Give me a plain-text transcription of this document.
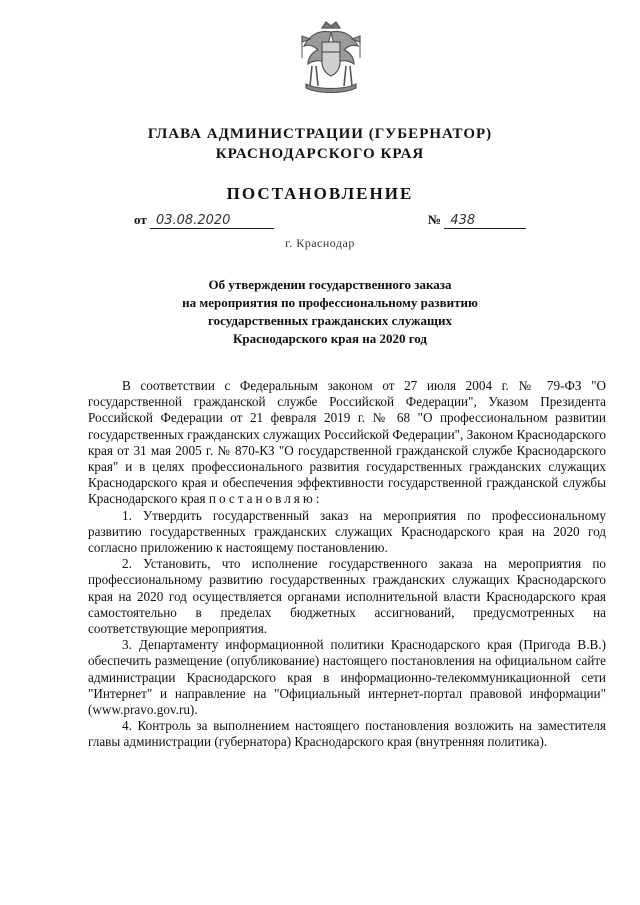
ГЛАВА АДМИНИСТРАЦИИ (ГУБЕРНАТОР)
КРАСНОДАРСКОГО КРАЯ
ПОСТАНОВЛЕНИЕ
от 03.08.2020	№ 438
г. Краснодар
Об утверждении государственного заказа
на мероприятия по профессиональному развитию
государственных гражданских служащих
Краснодарского края на 2020 год

В соответствии с Федеральным законом от 27 июля 2004 г. № 79-ФЗ "О государственной гражданской службе Российской Федерации", Указом Президента Российской Федерации от 21 февраля 2019 г. № 68 "О профессиональном развитии государственных гражданских служащих Российской Федерации", Законом Краснодарского края от 31 мая 2005 г. № 870-КЗ "О государственной гражданской службе Краснодарского края" и в целях профессионального развития государственных гражданских служащих Краснодарского края и обеспечения эффективности государственной гражданской службы Краснодарского края постановляю:

1. Утвердить государственный заказ на мероприятия по профессиональному развитию государственных гражданских служащих Краснодарского края на 2020 год согласно приложению к настоящему постановлению.

2. Установить, что исполнение государственного заказа на мероприятия по профессиональному развитию государственных гражданских служащих Краснодарского края на 2020 год осуществляется органами исполнительной власти Краснодарского края самостоятельно в пределах бюджетных ассигнований, предусмотренных на соответствующие мероприятия.

3. Департаменту информационной политики Краснодарского края (Пригода В.В.) обеспечить размещение (опубликование) настоящего постановления на официальном сайте администрации Краснодарского края в информационно-телекоммуникационной сети "Интернет" и направление на "Официальный интернет-портал правовой информации" (www.pravo.gov.ru).

4. Контроль за выполнением настоящего постановления возложить на заместителя главы администрации (губернатора) Краснодарского края (внутренняя политика).
